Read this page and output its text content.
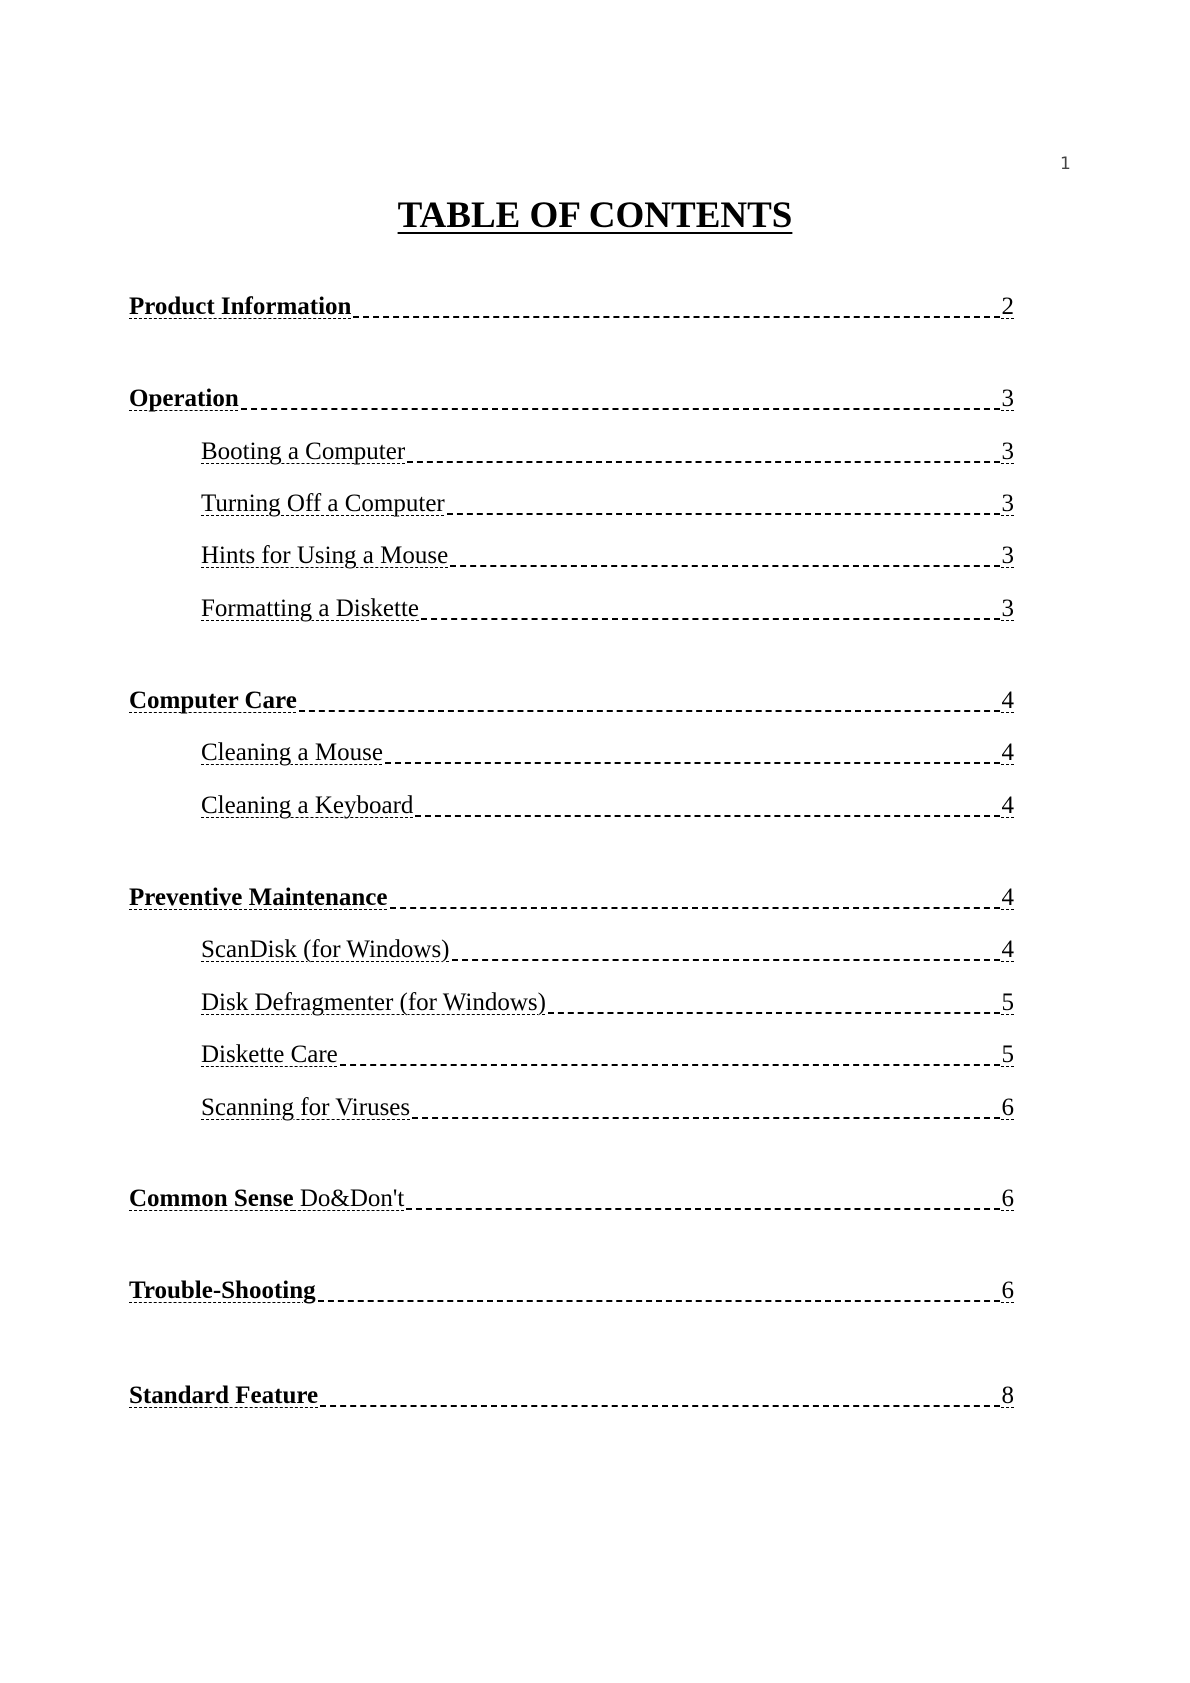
1
TABLE OF CONTENTS
Product Information	2
Operation	3
Booting a Computer	3
Turning Off a Computer	3
Hints for Using a Mouse	3
Formatting a Diskette	3
Computer Care	4
Cleaning a Mouse	4
Cleaning a Keyboard	4
Preventive Maintenance	4
ScanDisk (for Windows)	4
Disk Defragmenter (for Windows)	5
Diskette Care	5
Scanning for Viruses	6
Common Sense Do&Don't	6
Trouble-Shooting	6
Standard Feature	8
